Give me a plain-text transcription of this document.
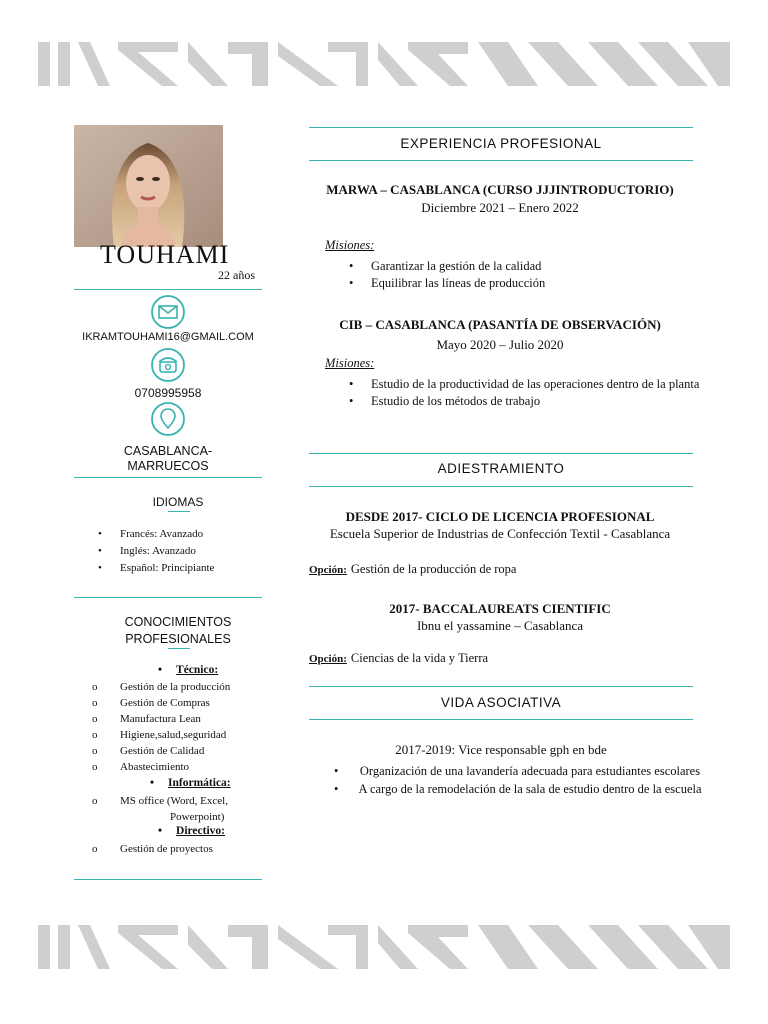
TOUHAMI
22 años
IKRAMTOUHAMI16@GMAIL.COM
0708995958
CASABLANCA-
MARRUECOS
IDIOMAS
• Francés: Avanzado
• Inglés: Avanzado
• Español: Principiante
CONOCIMIENTOS
PROFESIONALES
• Técnico:
o Gestión de la producción
o Gestión de Compras
o Manufactura Lean
o Higiene,salud,seguridad
o Gestión de Calidad
o Abastecimiento
• Informática:
o MS office (Word, Excel,
Powerpoint)
• Directivo:
o Gestión de proyectos
EXPERIENCIA PROFESIONAL
MARWA – CASABLANCA (CURSO JJJINTRODUCTORIO)
Diciembre 2021 – Enero 2022
Misiones:
• Garantizar la gestión de la calidad
• Equilibrar las líneas de producción
CIB – CASABLANCA (PASANTÍA DE OBSERVACIÓN)
Mayo 2020 – Julio 2020
Misiones:
• Estudio de la productividad de las operaciones dentro de la planta
• Estudio de los métodos de trabajo
ADIESTRAMIENTO
DESDE 2017- CICLO DE LICENCIA PROFESIONAL
Escuela Superior de Industrias de Confección Textil - Casablanca
Opción: Gestión de la producción de ropa
2017- BACCALAUREATS CIENTIFIC
Ibnu el yassamine – Casablanca
Opción: Ciencias de la vida y Tierra
VIDA ASOCIATIVA
2017-2019: Vice responsable gph en bde
• Organización de una lavandería adecuada para estudiantes escolares
• A cargo de la remodelación de la sala de estudio dentro de la escuela
